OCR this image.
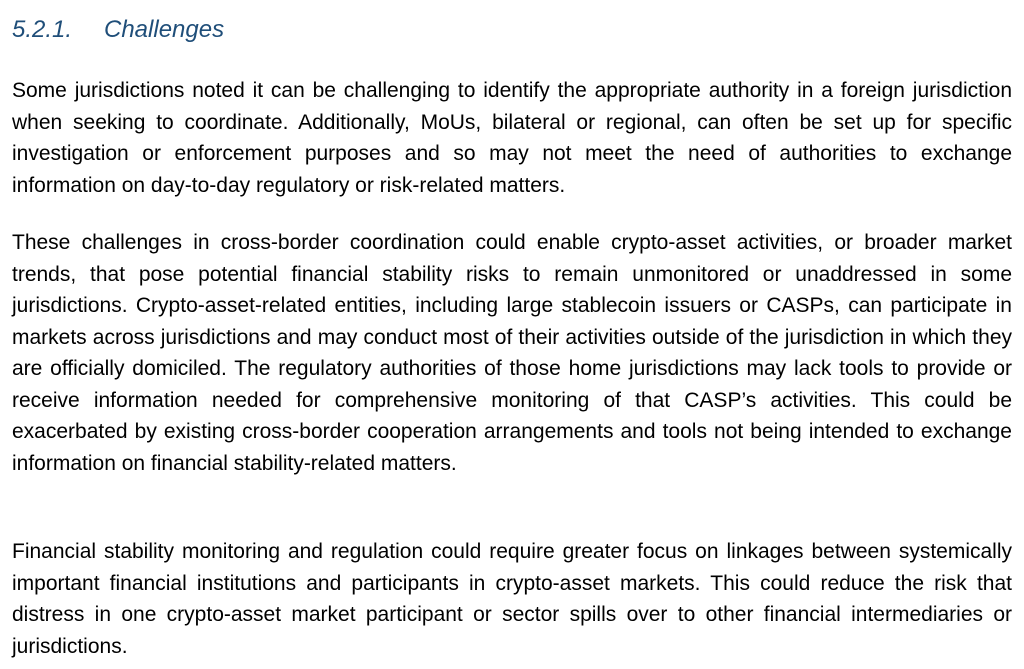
5.2.1. Challenges

Some jurisdictions noted it can be challenging to identify the appropriate authority in a foreign jurisdiction when seeking to coordinate. Additionally, MoUs, bilateral or regional, can often be set up for specific investigation or enforcement purposes and so may not meet the need of authorities to exchange information on day-to-day regulatory or risk-related matters.

These challenges in cross-border coordination could enable crypto-asset activities, or broader market trends, that pose potential financial stability risks to remain unmonitored or unaddressed in some jurisdictions. Crypto-asset-related entities, including large stablecoin issuers or CASPs, can participate in markets across jurisdictions and may conduct most of their activities outside of the jurisdiction in which they are officially domiciled. The regulatory authorities of those home jurisdictions may lack tools to provide or receive information needed for comprehensive monitoring of that CASP’s activities. This could be exacerbated by existing cross-border cooperation arrangements and tools not being intended to exchange information on financial stability-related matters.

Financial stability monitoring and regulation could require greater focus on linkages between systemically important financial institutions and participants in crypto-asset markets. This could reduce the risk that distress in one crypto-asset market participant or sector spills over to other financial intermediaries or jurisdictions.
